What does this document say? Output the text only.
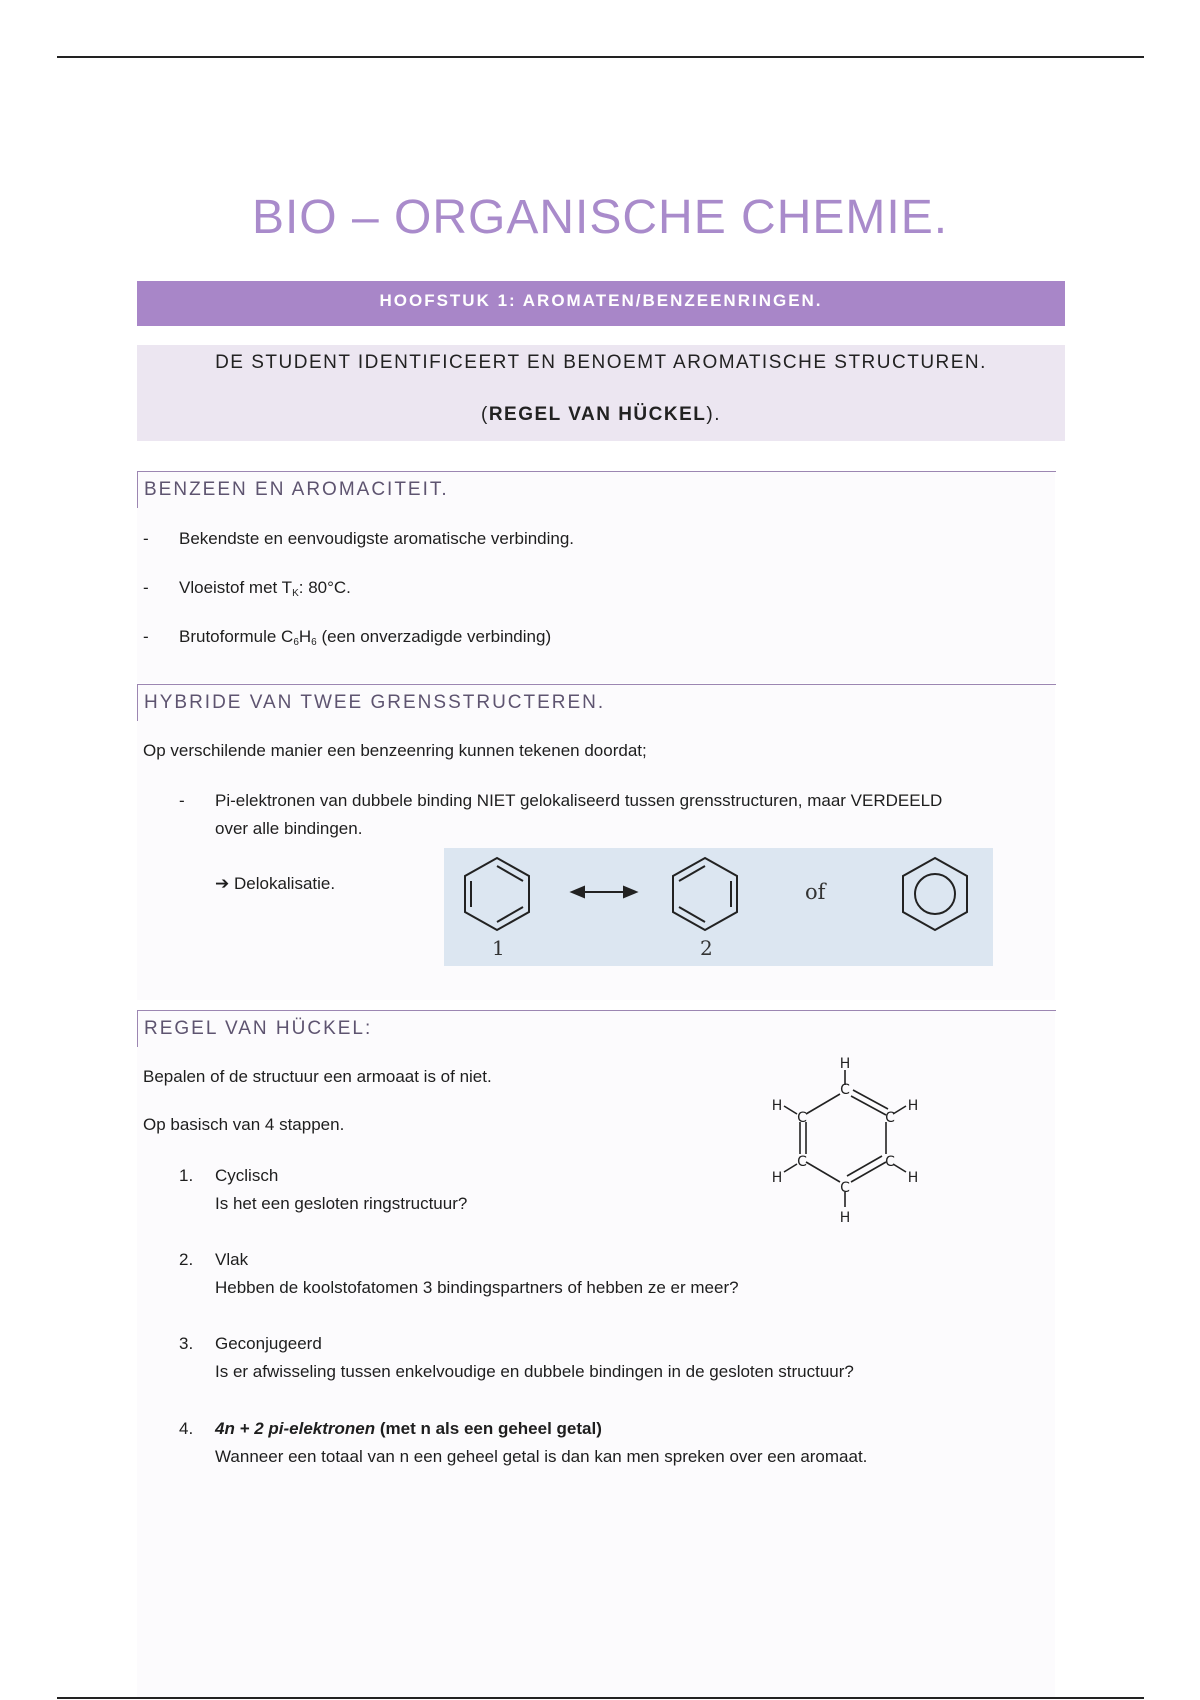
BIO – ORGANISCHE CHEMIE.
HOOFSTUK 1: AROMATEN/BENZEENRINGEN.
DE STUDENT IDENTIFICEERT EN BENOEMT AROMATISCHE STRUCTUREN.
(REGEL VAN HÜCKEL).
BENZEEN EN AROMACITEIT.
- Bekendste en eenvoudigste aromatische verbinding.
- Vloeistof met $T_K$: 80°C.
- Brutoformule $C_6H_6$ (een onverzadigde verbinding)
HYBRIDE VAN TWEE GRENSSTRUCTEREN.
Op verschilende manier een benzeenring kunnen tekenen doordat;
- Pi-elektronen van dubbele binding NIET gelokaliseerd tussen grensstructuren, maar VERDEELD
over alle bindingen.
➔ Delokalisatie.
1	2
of
REGEL VAN HÜCKEL:
Bepalen of de structuur een armoaat is of niet.
Op basisch van 4 stappen.
C
C
C
C
C
C
H
H
H
H
H
H
1. Cyclisch
Is het een gesloten ringstructuur?
2. Vlak
Hebben de koolstofatomen 3 bindingspartners of hebben ze er meer?
3. Geconjugeerd
Is er afwisseling tussen enkelvoudige en dubbele bindingen in de gesloten structuur?
4. 4n + 2 pi-elektronen (met n als een geheel getal)
Wanneer een totaal van n een geheel getal is dan kan men spreken over een aromaat.
